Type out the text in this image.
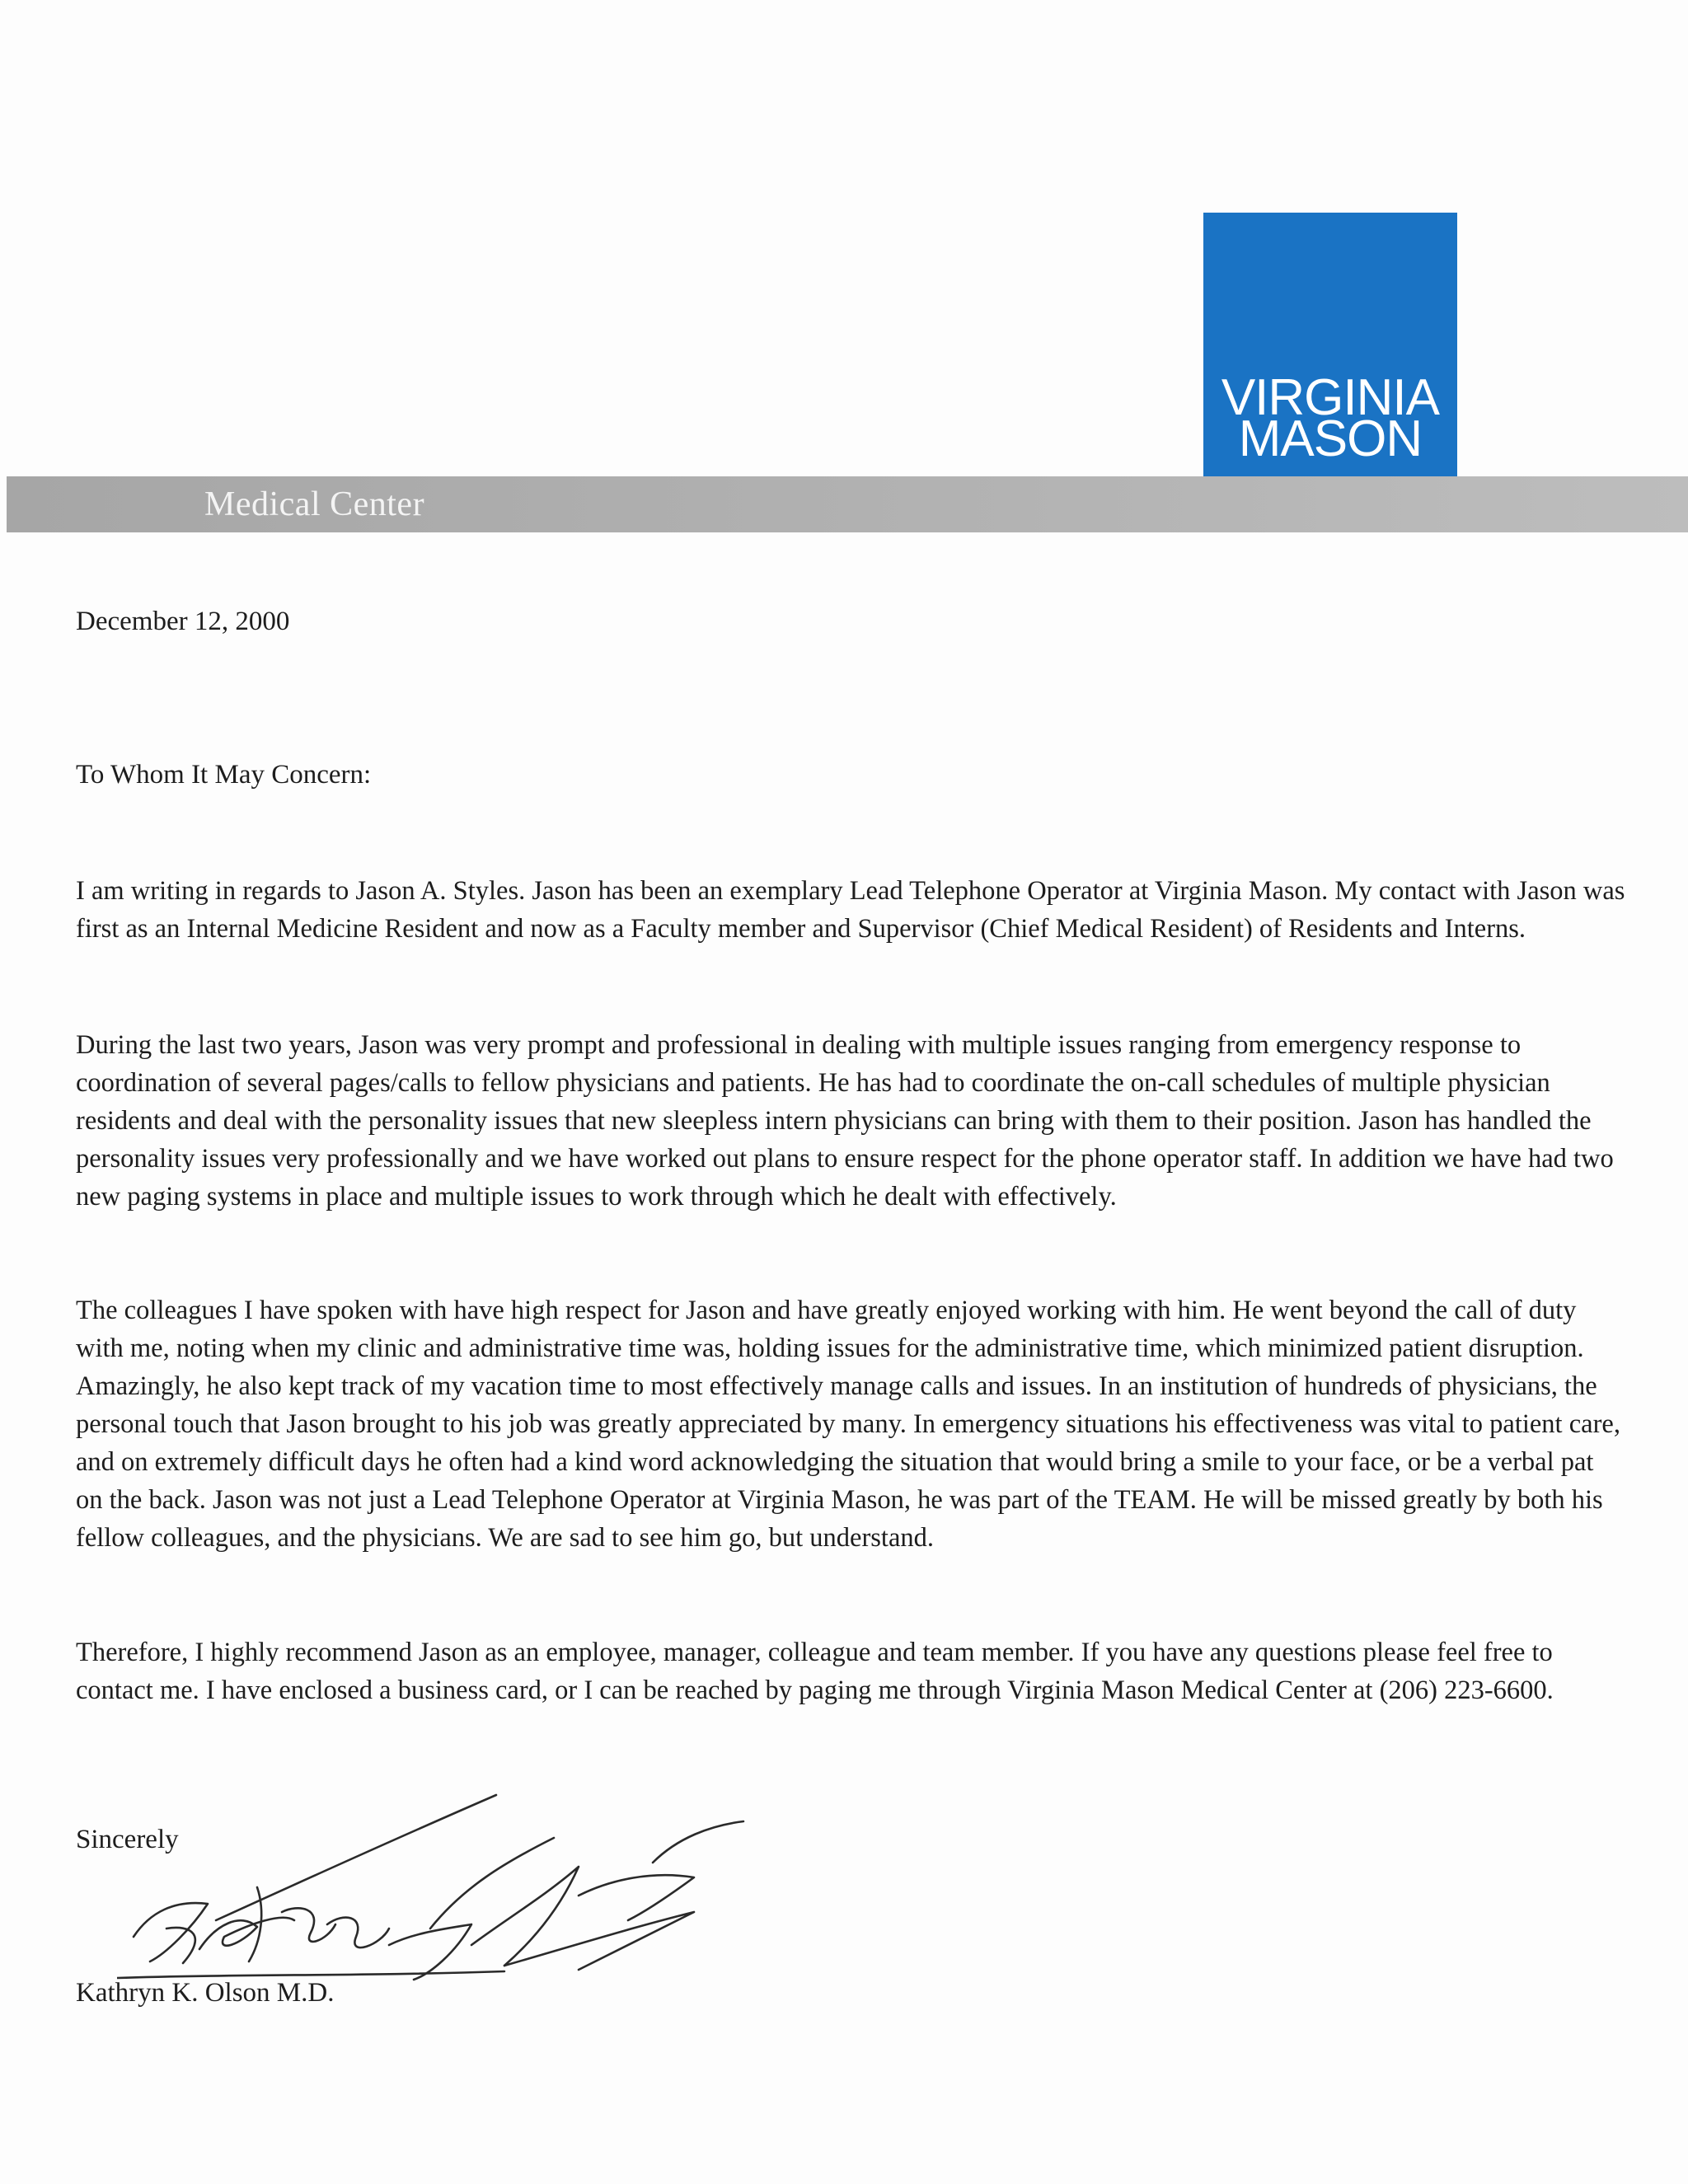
VIRGINIA
MASON
Medical Center
December 12, 2000
To Whom It May Concern:

I am writing in regards to Jason A. Styles. Jason has been an exemplary Lead Telephone Operator at Virginia Mason. My contact with Jason was first as an Internal Medicine Resident and now as a Faculty member and Supervisor (Chief Medical Resident) of Residents and Interns.

During the last two years, Jason was very prompt and professional in dealing with multiple issues ranging from emergency response to coordination of several pages/calls to fellow physicians and patients. He has had to coordinate the on-call schedules of multiple physician residents and deal with the personality issues that new sleepless intern physicians can bring with them to their position. Jason has handled the personality issues very professionally and we have worked out plans to ensure respect for the phone operator staff. In addition we have had two new paging systems in place and multiple issues to work through which he dealt with effectively.

The colleagues I have spoken with have high respect for Jason and have greatly enjoyed working with him. He went beyond the call of duty with me, noting when my clinic and administrative time was, holding issues for the administrative time, which minimized patient disruption. Amazingly, he also kept track of my vacation time to most effectively manage calls and issues. In an institution of hundreds of physicians, the personal touch that Jason brought to his job was greatly appreciated by many. In emergency situations his effectiveness was vital to patient care, and on extremely difficult days he often had a kind word acknowledging the situation that would bring a smile to your face, or be a verbal pat on the back. Jason was not just a Lead Telephone Operator at Virginia Mason, he was part of the TEAM. He will be missed greatly by both his fellow colleagues, and the physicians. We are sad to see him go, but understand.

Therefore, I highly recommend Jason as an employee, manager, colleague and team member. If you have any questions please feel free to contact me. I have enclosed a business card, or I can be reached by paging me through Virginia Mason Medical Center at (206) 223-6600.

Sincerely
Kathryn K. Olson M.D.
